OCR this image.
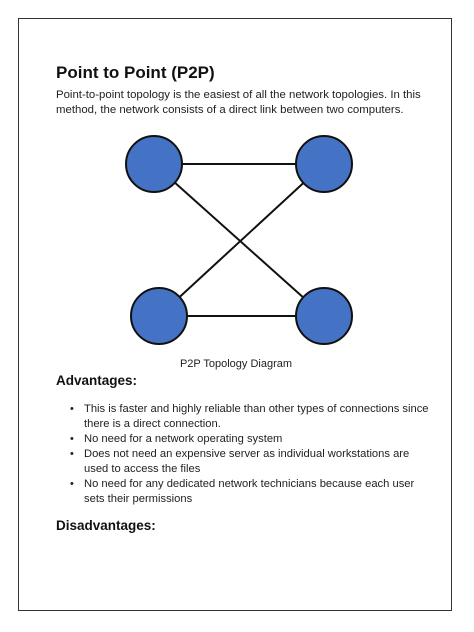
Point to Point (P2P)

Point-to-point topology is the easiest of all the network topologies. In this method, the network consists of a direct link between two computers.

P2P Topology Diagram

Advantages:
• This is faster and highly reliable than other types of connections since there is a direct connection.
• No need for a network operating system
• Does not need an expensive server as individual workstations are used to access the files
• No need for any dedicated network technicians because each user sets their permissions
Disadvantages:
